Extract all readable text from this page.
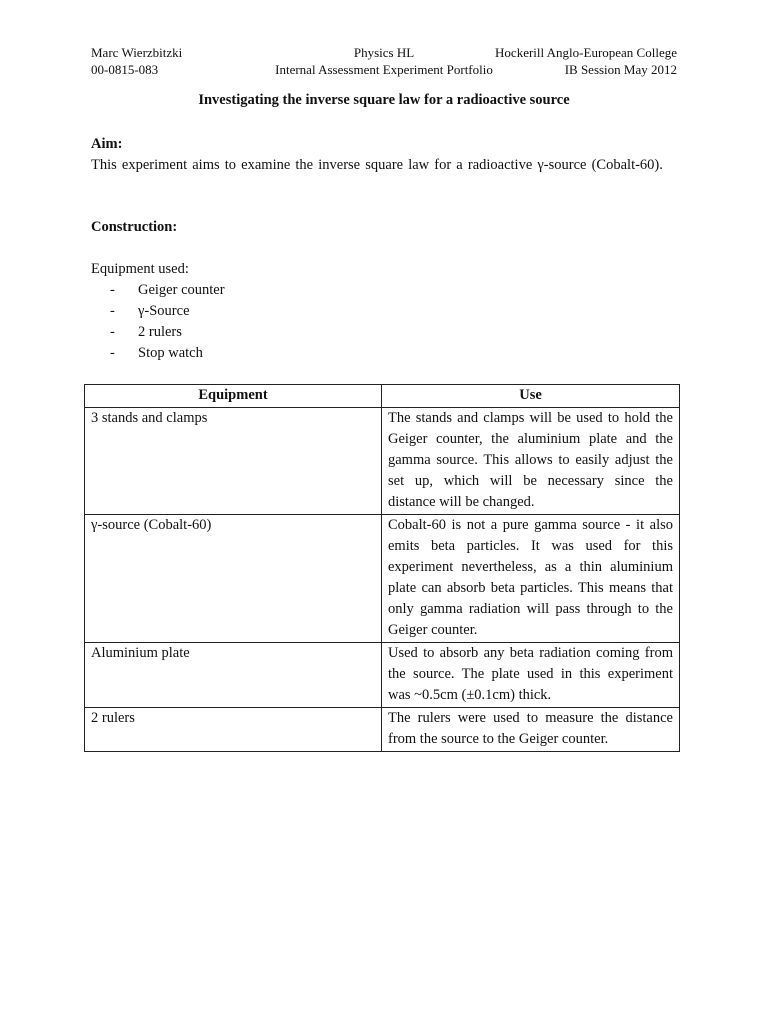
Marc Wierzbitzki	Physics HL	Hockerill Anglo-European College
00-0815-083	Internal Assessment Experiment Portfolio	IB Session May 2012
Investigating the inverse square law for a radioactive source
Aim:
This experiment aims to examine the inverse square law for a radioactive γ-source (Cobalt-60).
Construction:
Equipment used:
- Geiger counter
- γ-Source
- 2 rulers
- Stop watch
Equipment	Use
3 stands and clamps	The stands and clamps will be used to hold the Geiger counter, the aluminium plate and the gamma source. This allows to easily adjust the set up, which will be necessary since the distance will be changed.
γ-source (Cobalt-60)	Cobalt-60 is not a pure gamma source - it also emits beta particles. It was used for this experiment nevertheless, as a thin aluminium plate can absorb beta particles. This means that only gamma radiation will pass through to the Geiger counter.
Aluminium plate	Used to absorb any beta radiation coming from the source. The plate used in this experiment was ~0.5cm (±0.1cm) thick.
2 rulers	The rulers were used to measure the distance from the source to the Geiger counter.
